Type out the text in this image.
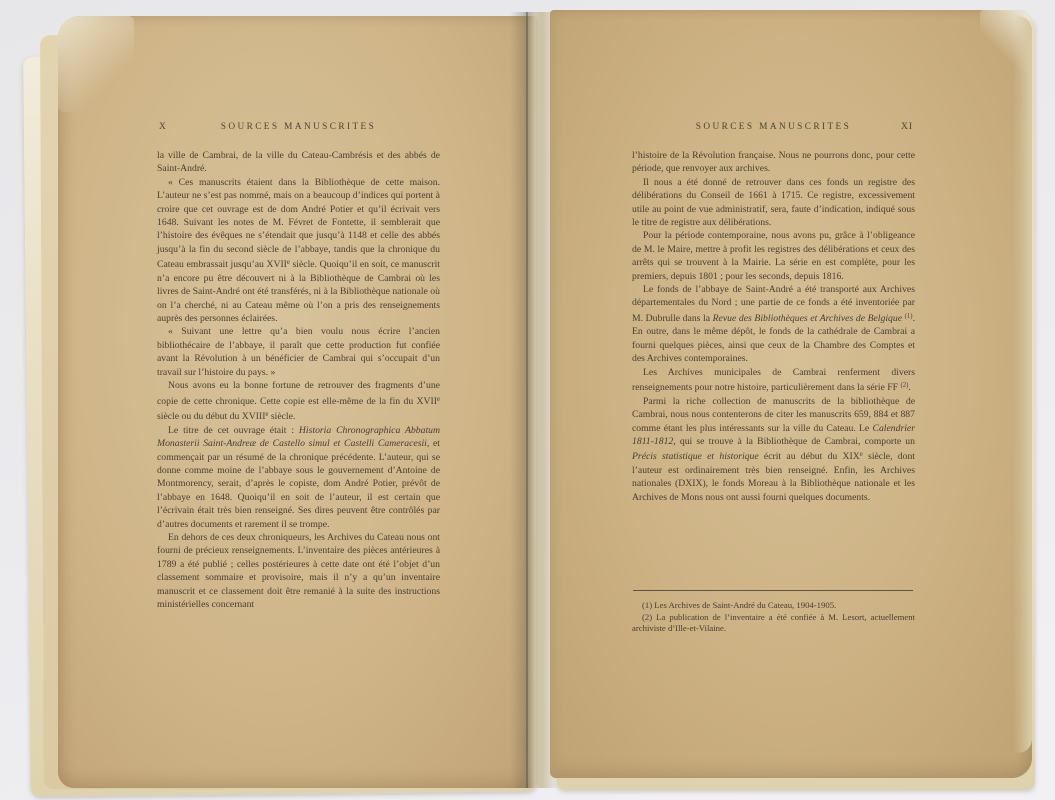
X	SOURCES MANUSCRITES
la ville de Cambrai, de la ville du Cateau-Cambrésis et des abbés de Saint-André.
« Ces manuscrits étaient dans la Bibliothèque de cette maison. L’auteur ne s’est pas nommé, mais on a beaucoup d’indices qui portent à croire que cet ouvrage est de dom André Potier et qu’il écrivait vers 1648. Suivant les notes de M. Févret de Fontette, il semblerait que l’histoire des évêques ne s’étendait que jusqu’à 1148 et celle des abbés jusqu’à la fin du second siècle de l’abbaye, tandis que la chronique du Cateau embrassait jusqu’au XVIIe siècle. Quoiqu’il en soit, ce manuscrit n’a encore pu être découvert ni à la Bibliothèque de Cambrai où les livres de Saint-André ont été transférés, ni à la Bibliothèque nationale où on l’a cherché, ni au Cateau même où l’on a pris des renseignements auprès des personnes éclairées.
« Suivant une lettre qu’a bien voulu nous écrire l’ancien bibliothécaire de l’abbaye, il paraît que cette production fut confiée avant la Révolution à un bénéficier de Cambrai qui s’occupait d’un travail sur l’histoire du pays. »
Nous avons eu la bonne fortune de retrouver des fragments d’une copie de cette chronique. Cette copie est elle-même de la fin du XVIIe siècle ou du début du XVIIIe siècle.
Le titre de cet ouvrage était : Historia Chronographica Abbatum Monasterii Saint-Andreæ de Castello simul et Castelli Cameracesii, et commençait par un résumé de la chronique précédente. L’auteur, qui se donne comme moine de l’abbaye sous le gouvernement d’Antoine de Montmorency, serait, d’après le copiste, dom André Potier, prévôt de l’abbaye en 1648. Quoiqu’il en soit de l’auteur, il est certain que l’écrivain était très bien renseigné. Ses dires peuvent être contrôlés par d’autres documents et rarement il se trompe.
En dehors de ces deux chroniqueurs, les Archives du Cateau nous ont fourni de précieux renseignements. L’inventaire des pièces antérieures à 1789 a été publié ; celles postérieures à cette date ont été l’objet d’un classement sommaire et provisoire, mais il n’y a qu’un inventaire manuscrit et ce classement doit être remanié à la suite des instructions ministérielles concernant
SOURCES MANUSCRITES	XI
l’histoire de la Révolution française. Nous ne pourrons donc, pour cette période, que renvoyer aux archives.
Il nous a été donné de retrouver dans ces fonds un registre des délibérations du Conseil de 1661 à 1715. Ce registre, excessivement utile au point de vue administratif, sera, faute d’indication, indiqué sous le titre de registre aux délibérations.
Pour la période contemporaine, nous avons pu, grâce à l’obligeance de M. le Maire, mettre à profit les registres des délibérations et ceux des arrêts qui se trouvent à la Mairie. La série en est complète, pour les premiers, depuis 1801 ; pour les seconds, depuis 1816.
Le fonds de l’abbaye de Saint-André a été transporté aux Archives départementales du Nord ; une partie de ce fonds a été inventoriée par M. Dubrulle dans la Revue des Bibliothèques et Archives de Belgique $^{(1)}$. En outre, dans le même dépôt, le fonds de la cathédrale de Cambrai a fourni quelques pièces, ainsi que ceux de la Chambre des Comptes et des Archives contemporaines.
Les Archives municipales de Cambrai renferment divers renseignements pour notre histoire, particulièrement dans la série FF $^{(2)}$.
Parmi la riche collection de manuscrits de la bibliothèque de Cambrai, nous nous contenterons de citer les manuscrits 659, 884 et 887 comme étant les plus intéressants sur la ville du Cateau. Le Calendrier 1811-1812, qui se trouve à la Bibliothèque de Cambrai, comporte un Précis statistique et historique écrit au début du XIXe siècle, dont l’auteur est ordinairement très bien renseigné. Enfin, les Archives nationales (DXIX), le fonds Moreau à la Bibliothèque nationale et les Archives de Mons nous ont aussi fourni quelques documents.
(1) Les Archives de Saint-André du Cateau, 1904-1905.
(2) La publication de l’inventaire a été confiée à M. Lesort, actuellement archiviste d’Ille-et-Vilaine.
